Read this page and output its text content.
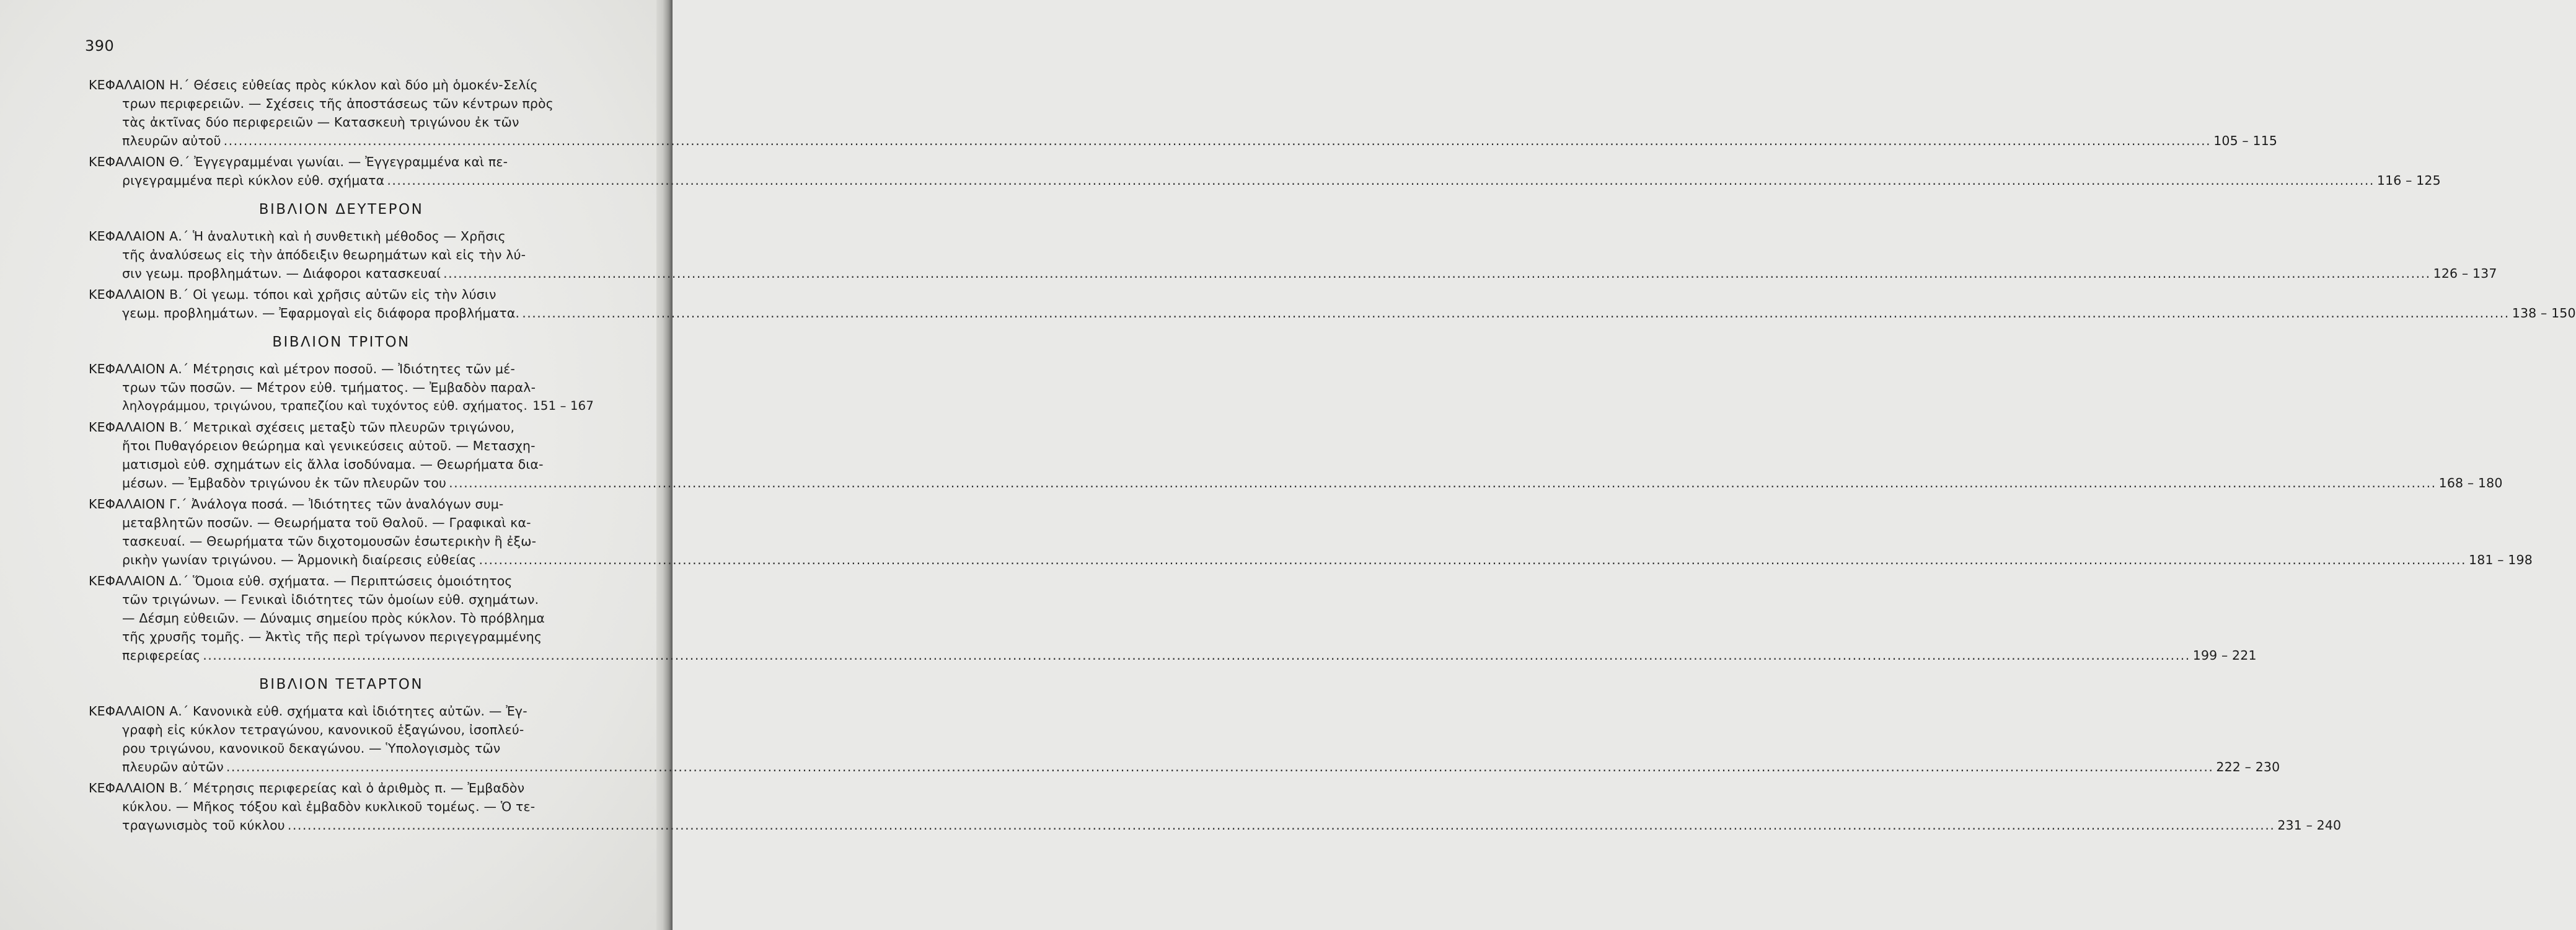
390
ΚΕΦΑΛΑΙΟΝ Η.΄ Θέσεις εὐθείας πρὸς κύκλον καὶ δύο μὴ ὁμοκέν-Σελίς
τρων περιφερειῶν. — Σχέσεις τῆς ἀποστάσεως τῶν κέντρων πρὸς
τὰς ἀκτῖνας δύο περιφερειῶν — Κατασκευὴ τριγώνου ἐκ τῶν
πλευρῶν αὐτοῦ ................................................................................................................................................................................................................................................................................................................................................................................................................ 105 – 115
ΚΕΦΑΛΑΙΟΝ Θ.΄ Ἐγγεγραμμέναι γωνίαι. — Ἐγγεγραμμένα καὶ πε-
ριγεγραμμένα περὶ κύκλον εὐθ. σχήματα ................................................................................................................................................................................................................................................................................................................................................................................................................ 116 – 125
ΒΙΒΛΙΟΝ ΔΕΥΤΕΡΟΝ
ΚΕΦΑΛΑΙΟΝ Α.΄ Ἡ ἀναλυτικὴ καὶ ἡ συνθετικὴ μέθοδος — Χρῆσις
τῆς ἀναλύσεως εἰς τὴν ἀπόδειξιν θεωρημάτων καὶ εἰς τὴν λύ-
σιν γεωμ. προβλημάτων. — Διάφοροι κατασκευαί ................................................................................................................................................................................................................................................................................................................................................................................................................ 126 – 137
ΚΕΦΑΛΑΙΟΝ Β.΄ Οἱ γεωμ. τόποι καὶ χρῆσις αὐτῶν εἰς τὴν λύσιν
γεωμ. προβλημάτων. — Ἐφαρμογαὶ εἰς διάφορα προβλήματα. ................................................................................................................................................................................................................................................................................................................................................................................................................ 138 – 150
ΒΙΒΛΙΟΝ ΤΡΙΤΟΝ
ΚΕΦΑΛΑΙΟΝ Α.΄ Μέτρησις καὶ μέτρον ποσοῦ. — Ἰδιότητες τῶν μέ-
τρων τῶν ποσῶν. — Μέτρον εὐθ. τμήματος. — Ἐμβαδὸν παραλ-
ληλογράμμου, τριγώνου, τραπεζίου καὶ τυχόντος εὐθ. σχήματος. 151 – 167
ΚΕΦΑΛΑΙΟΝ Β.΄ Μετρικαὶ σχέσεις μεταξὺ τῶν πλευρῶν τριγώνου,
ἤτοι Πυθαγόρειον θεώρημα καὶ γενικεύσεις αὐτοῦ. — Μετασχη-
ματισμοὶ εὐθ. σχημάτων εἰς ἄλλα ἰσοδύναμα. — Θεωρήματα δια-
μέσων. — Ἐμβαδὸν τριγώνου ἐκ τῶν πλευρῶν του ................................................................................................................................................................................................................................................................................................................................................................................................................ 168 – 180
ΚΕΦΑΛΑΙΟΝ Γ.΄ Ἀνάλογα ποσά. — Ἰδιότητες τῶν ἀναλόγων συμ-
μεταβλητῶν ποσῶν. — Θεωρήματα τοῦ Θαλοῦ. — Γραφικαὶ κα-
τασκευαί. — Θεωρήματα τῶν διχοτομουσῶν ἐσωτερικὴν ἢ ἐξω-
ρικὴν γωνίαν τριγώνου. — Ἁρμονικὴ διαίρεσις εὐθείας ................................................................................................................................................................................................................................................................................................................................................................................................................ 181 – 198
ΚΕΦΑΛΑΙΟΝ Δ.΄ Ὅμοια εὐθ. σχήματα. — Περιπτώσεις ὁμοιότητος
τῶν τριγώνων. — Γενικαὶ ἰδιότητες τῶν ὁμοίων εὐθ. σχημάτων.
— Δέσμη εὐθειῶν. — Δύναμις σημείου πρὸς κύκλον. Τὸ πρόβλημα
τῆς χρυσῆς τομῆς. — Ἀκτὶς τῆς περὶ τρίγωνον περιγεγραμμένης
περιφερείας ................................................................................................................................................................................................................................................................................................................................................................................................................ 199 – 221
ΒΙΒΛΙΟΝ ΤΕΤΑΡΤΟΝ
ΚΕΦΑΛΑΙΟΝ Α.΄ Κανονικὰ εὐθ. σχήματα καὶ ἰδιότητες αὐτῶν. — Ἐγ-
γραφὴ εἰς κύκλον τετραγώνου, κανονικοῦ ἑξαγώνου, ἰσοπλεύ-
ρου τριγώνου, κανονικοῦ δεκαγώνου. — Ὑπολογισμὸς τῶν
πλευρῶν αὐτῶν ................................................................................................................................................................................................................................................................................................................................................................................................................ 222 – 230
ΚΕΦΑΛΑΙΟΝ Β.΄ Μέτρησις περιφερείας καὶ ὁ ἀριθμὸς π. — Ἐμβαδὸν
κύκλου. — Μῆκος τόξου καὶ ἐμβαδὸν κυκλικοῦ τομέως. — Ὁ τε-
τραγωνισμὸς τοῦ κύκλου ................................................................................................................................................................................................................................................................................................................................................................................................................ 231 – 240
